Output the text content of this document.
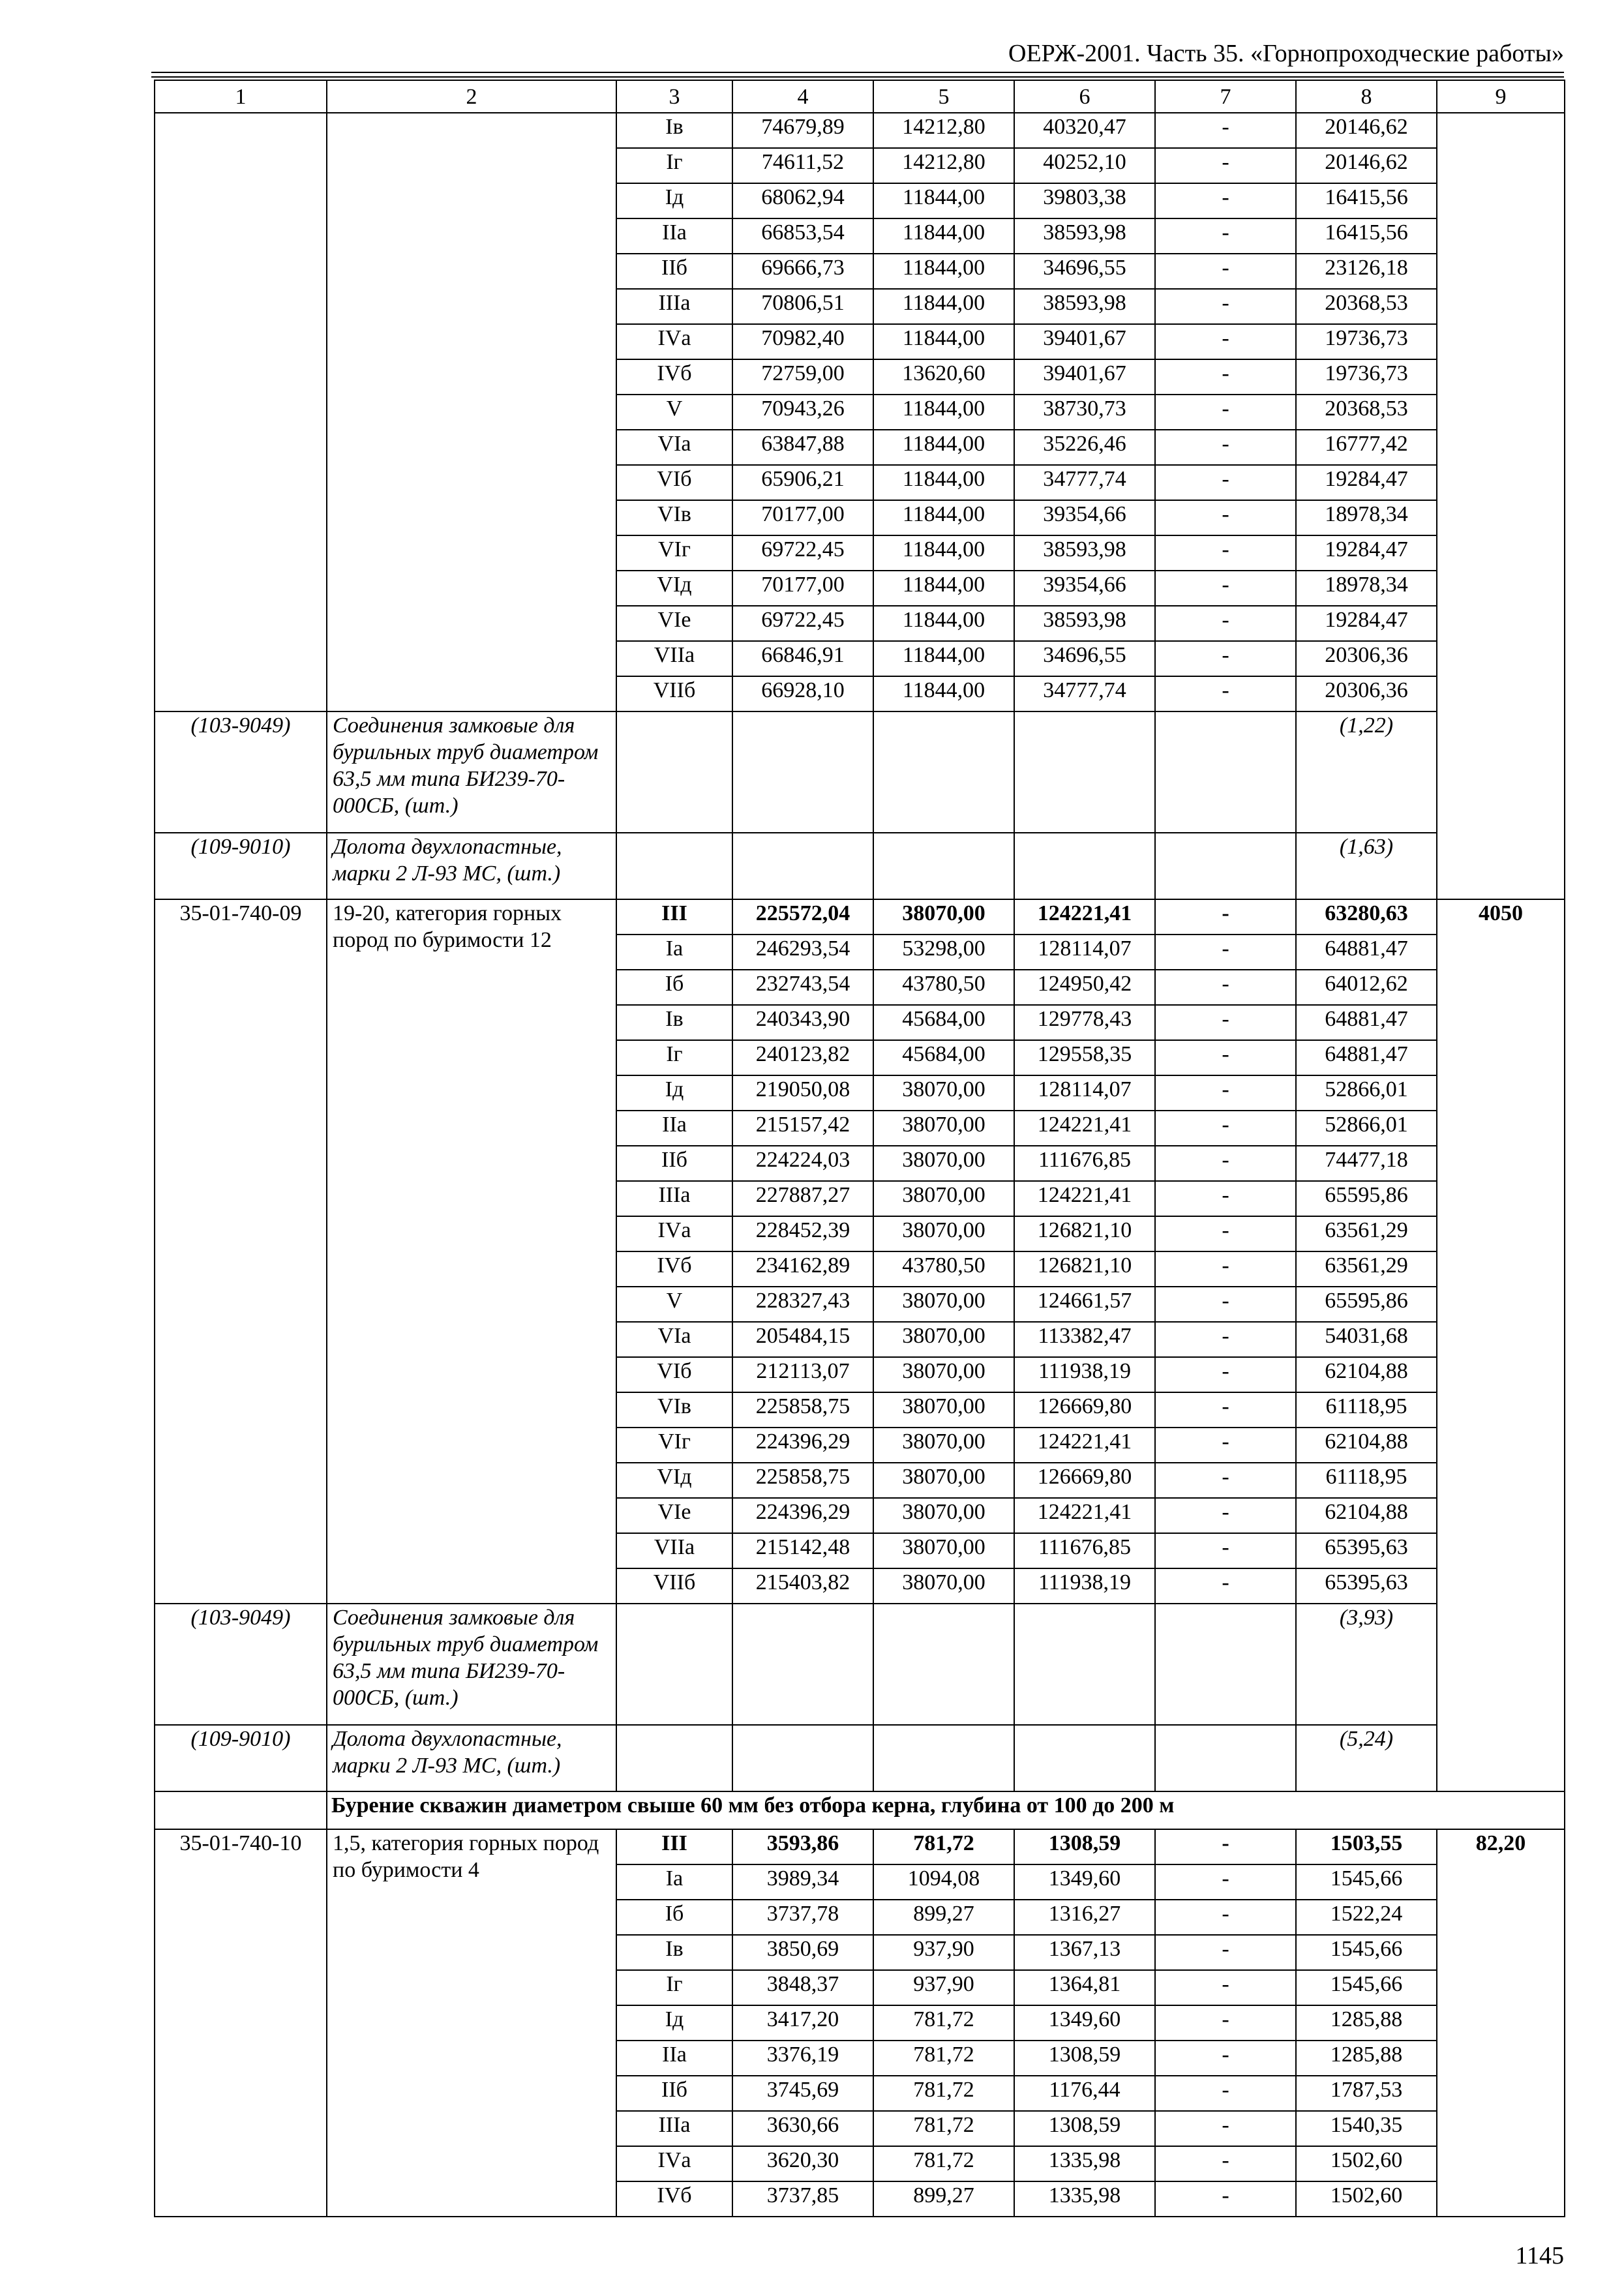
ОЕРЖ-2001. Часть 35. «Горнопроходческие работы»
1	2	3	4	5	6	7	8	9
		Iв	74679,89	14212,80	40320,47	-	20146,62	
		Iг	74611,52	14212,80	40252,10	-	20146,62	
		Iд	68062,94	11844,00	39803,38	-	16415,56	
		IIа	66853,54	11844,00	38593,98	-	16415,56	
		IIб	69666,73	11844,00	34696,55	-	23126,18	
		IIIа	70806,51	11844,00	38593,98	-	20368,53	
		IVа	70982,40	11844,00	39401,67	-	19736,73	
		IVб	72759,00	13620,60	39401,67	-	19736,73	
		V	70943,26	11844,00	38730,73	-	20368,53	
		VIа	63847,88	11844,00	35226,46	-	16777,42	
		VIб	65906,21	11844,00	34777,74	-	19284,47	
		VIв	70177,00	11844,00	39354,66	-	18978,34	
		VIг	69722,45	11844,00	38593,98	-	19284,47	
		VIд	70177,00	11844,00	39354,66	-	18978,34	
		VIе	69722,45	11844,00	38593,98	-	19284,47	
		VIIа	66846,91	11844,00	34696,55	-	20306,36	
		VIIб	66928,10	11844,00	34777,74	-	20306,36	
(103-9049)	Соединения замковые для бурильных труб диаметром 63,5 мм типа БИ239-70-000СБ, (шт.)						(1,22)	
(109-9010)	Долота двухлопастные, марки 2 Л-93 МС, (шт.)						(1,63)	
35-01-740-09	19-20, категория горных пород по буримости 12	III	225572,04	38070,00	124221,41	-	63280,63	4050
		Iа	246293,54	53298,00	128114,07	-	64881,47	
		Iб	232743,54	43780,50	124950,42	-	64012,62	
		Iв	240343,90	45684,00	129778,43	-	64881,47	
		Iг	240123,82	45684,00	129558,35	-	64881,47	
		Iд	219050,08	38070,00	128114,07	-	52866,01	
		IIа	215157,42	38070,00	124221,41	-	52866,01	
		IIб	224224,03	38070,00	111676,85	-	74477,18	
		IIIа	227887,27	38070,00	124221,41	-	65595,86	
		IVа	228452,39	38070,00	126821,10	-	63561,29	
		IVб	234162,89	43780,50	126821,10	-	63561,29	
		V	228327,43	38070,00	124661,57	-	65595,86	
		VIа	205484,15	38070,00	113382,47	-	54031,68	
		VIб	212113,07	38070,00	111938,19	-	62104,88	
		VIв	225858,75	38070,00	126669,80	-	61118,95	
		VIг	224396,29	38070,00	124221,41	-	62104,88	
		VIд	225858,75	38070,00	126669,80	-	61118,95	
		VIе	224396,29	38070,00	124221,41	-	62104,88	
		VIIа	215142,48	38070,00	111676,85	-	65395,63	
		VIIб	215403,82	38070,00	111938,19	-	65395,63	
(103-9049)	Соединения замковые для бурильных труб диаметром 63,5 мм типа БИ239-70-000СБ, (шт.)						(3,93)	
(109-9010)	Долота двухлопастные, марки 2 Л-93 МС, (шт.)						(5,24)	
	Бурение скважин диаметром свыше 60 мм без отбора керна, глубина от 100 до 200 м							
35-01-740-10	1,5, категория горных пород по буримости 4	III	3593,86	781,72	1308,59	-	1503,55	82,20
		Iа	3989,34	1094,08	1349,60	-	1545,66	
		Iб	3737,78	899,27	1316,27	-	1522,24	
		Iв	3850,69	937,90	1367,13	-	1545,66	
		Iг	3848,37	937,90	1364,81	-	1545,66	
		Iд	3417,20	781,72	1349,60	-	1285,88	
		IIа	3376,19	781,72	1308,59	-	1285,88	
		IIб	3745,69	781,72	1176,44	-	1787,53	
		IIIа	3630,66	781,72	1308,59	-	1540,35	
		IVа	3620,30	781,72	1335,98	-	1502,60	
		IVб	3737,85	899,27	1335,98	-	1502,60	
1145
